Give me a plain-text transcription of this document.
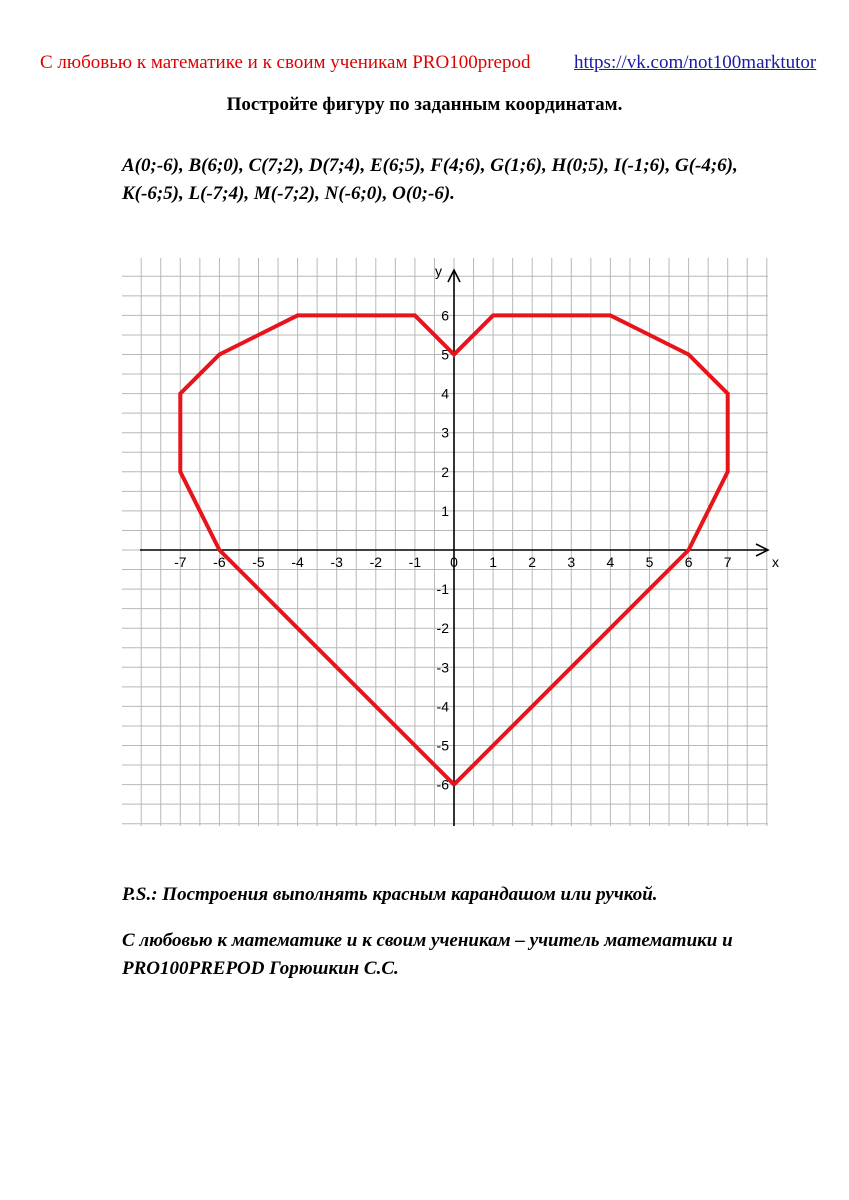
С любовью к математике и к своим ученикам PRO100prepod https://vk.com/not100marktutor
Постройте фигуру по заданным координатам.
A(0;-6), B(6;0), C(7;2), D(7;4), E(6;5), F(4;6), G(1;6), H(0;5), I(-1;6), G(-4;6),
K(-6;5), L(-7;4), M(-7;2), N(-6;0), O(0;-6).
x
y
-7 -6 -5 -4 -3 -2 -1 0 1 2 3 4 5 6 7
6
5
4
3
2
1
-1
-2
-3
-4
-5
-6
P.S.: Построения выполнять красным карандашом или ручкой.
С любовью к математике и к своим ученикам – учитель математики и
PRO100PREPOD Горюшкин С.С.
